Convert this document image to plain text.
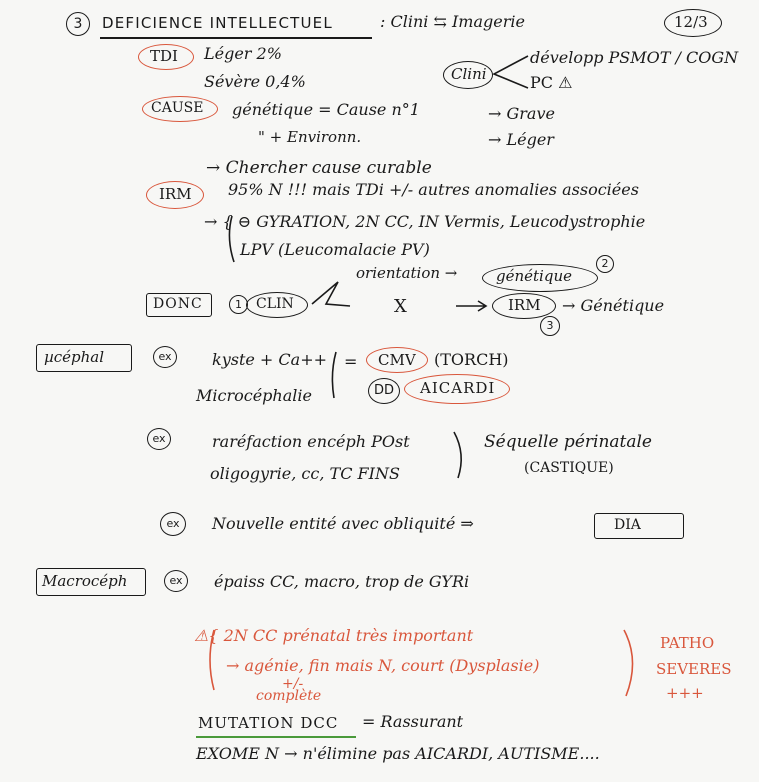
3	DEFICIENCE INTELLECTUEL	: Clini ⇆ Imagerie	12/3
TDI Léger 2%
Sévère 0,4%	Clini
développ PSMOT / COGN
PC ⚠
CAUSE génétique = Cause n°1	→ Grave
" + Environn.	→ Léger
→ Chercher cause curable
IRM 95% N !!! mais TDi +/- autres anomalies associées
→ { ⊖ GYRATION, 2N CC, IN Vermis, Leucodystrophie
LPV (Leucomalacie PV)
orientation →	génétique
2
DONC	1	CLIN	X	IRM
3
→ Génétique
µcéphal	ex	kyste + Ca++ = CMV (TORCH)
Microcéphalie	DD	AICARDI
ex	raréfaction encéph POst
oligogyrie, cc, TC FINS
Séquelle périnatale
(CASTIQUE)
ex	Nouvelle entité avec obliquité ⇒	DIA
Macrocéph	ex	épaiss CC, macro, trop de GYRi
⚠{ 2N CC prénatal très important
→ agénie, fin mais N, court (Dysplasie)
+/-
complète
PATHO
SEVERES
+++
MUTATION DCC = Rassurant
EXOME N → n'élimine pas AICARDI, AUTISME....
